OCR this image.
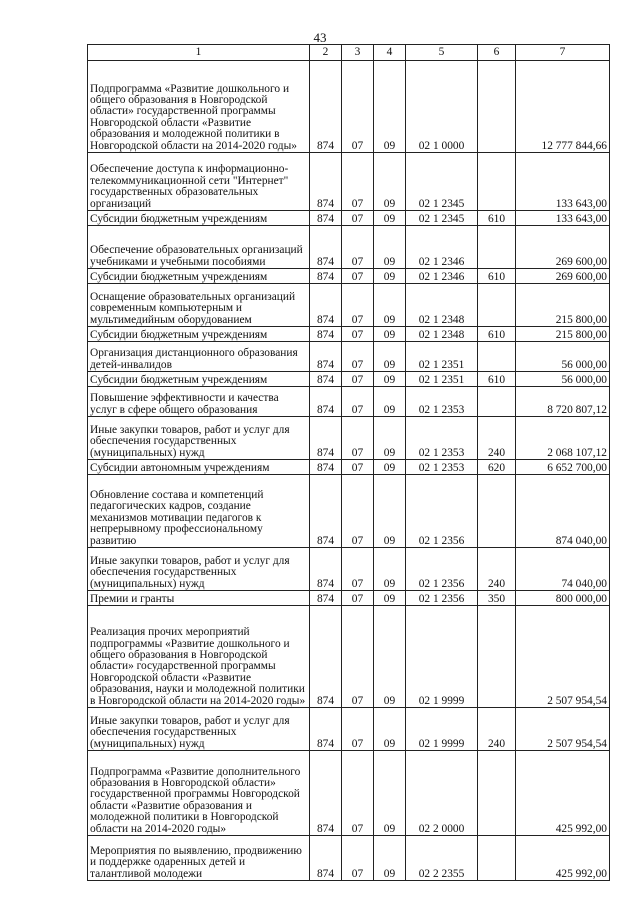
43
1	2	3	4	5	6	7
Подпрограмма «Развитие дошкольного и общего образования в Новгородской области» государственной программы Новгородской области «Развитие образования и молодежной политики в Новгородской области на 2014-2020 годы»	874	07	09	02 1 0000		12 777 844,66
Обеспечение доступа к информационно-телекоммуникационной сети "Интернет" государственных образовательных организаций	874	07	09	02 1 2345		133 643,00
Субсидии бюджетным учреждениям	874	07	09	02 1 2345	610	133 643,00
Обеспечение образовательных организаций учебниками и учебными пособиями	874	07	09	02 1 2346		269 600,00
Субсидии бюджетным учреждениям	874	07	09	02 1 2346	610	269 600,00
Оснащение образовательных организаций современным компьютерным и мультимедийным оборудованием	874	07	09	02 1 2348		215 800,00
Субсидии бюджетным учреждениям	874	07	09	02 1 2348	610	215 800,00
Организация дистанционного образования детей-инвалидов	874	07	09	02 1 2351		56 000,00
Субсидии бюджетным учреждениям	874	07	09	02 1 2351	610	56 000,00
Повышение эффективности и качества услуг в сфере общего образования	874	07	09	02 1 2353		8 720 807,12
Иные закупки товаров, работ и услуг для обеспечения государственных (муниципальных) нужд	874	07	09	02 1 2353	240	2 068 107,12
Субсидии автономным учреждениям	874	07	09	02 1 2353	620	6 652 700,00
Обновление состава и компетенций педагогических кадров, создание механизмов мотивации педагогов к непрерывному профессиональному развитию	874	07	09	02 1 2356		874 040,00
Иные закупки товаров, работ и услуг для обеспечения государственных (муниципальных) нужд	874	07	09	02 1 2356	240	74 040,00
Премии и гранты	874	07	09	02 1 2356	350	800 000,00
Реализация прочих мероприятий подпрограммы «Развитие дошкольного и общего образования в Новгородской области» государственной программы Новгородской области «Развитие образования, науки и молодежной политики в Новгородской области на 2014-2020 годы»	874	07	09	02 1 9999		2 507 954,54
Иные закупки товаров, работ и услуг для обеспечения государственных (муниципальных) нужд	874	07	09	02 1 9999	240	2 507 954,54
Подпрограмма «Развитие дополнительного образования в Новгородской области» государственной программы Новгородской области «Развитие образования и молодежной политики в Новгородской области на 2014-2020 годы»	874	07	09	02 2 0000		425 992,00
Мероприятия по выявлению, продвижению и поддержке одаренных детей и талантливой молодежи	874	07	09	02 2 2355		425 992,00
